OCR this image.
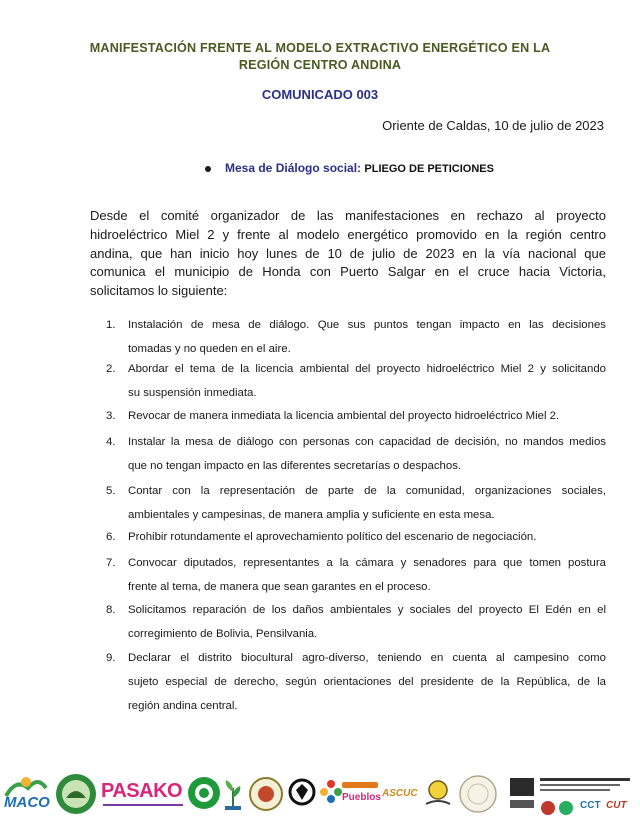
MANIFESTACIÓN FRENTE AL MODELO EXTRACTIVO ENERGÉTICO EN LA
REGIÓN CENTRO ANDINA
COMUNICADO 003
Oriente de Caldas, 10 de julio de 2023
Mesa de Diálogo social: PLIEGO DE PETICIONES
Desde el comité organizador de las manifestaciones en rechazo al proyecto
hidroeléctrico Miel 2 y frente al modelo energético promovido en la región centro
andina, que han inicio hoy lunes de 10 de julio de 2023 en la vía nacional que
comunica el municipio de Honda con Puerto Salgar en el cruce hacia Victoria,
solicitamos lo siguiente:
1. Instalación de mesa de diálogo. Que sus puntos tengan impacto en las decisiones
tomadas y no queden en el aire.
2. Abordar el tema de la licencia ambiental del proyecto hidroeléctrico Miel 2 y solicitando
su suspensión inmediata.
3. Revocar de manera inmediata la licencia ambiental del proyecto hidroeléctrico Miel 2.
4. Instalar la mesa de diálogo con personas con capacidad de decisión, no mandos medios
que no tengan impacto en las diferentes secretarías o despachos.
5. Contar con la representación de parte de la comunidad, organizaciones sociales,
ambientales y campesinas, de manera amplia y suficiente en esta mesa.
6. Prohibir rotundamente el aprovechamiento político del escenario de negociación.
7. Convocar diputados, representantes a la cámara y senadores para que tomen postura
frente al tema, de manera que sean garantes en el proceso.
8. Solicitamos reparación de los daños ambientales y sociales del proyecto El Edén en el
corregimiento de Bolivia, Pensilvania.
9. Declarar el distrito biocultural agro-diverso, teniendo en cuenta al campesino como
sujeto especial de derecho, según orientaciones del presidente de la República, de la
región andina central.
MACO
PASAKO	Pueblos ASCUC
CCT CUT
